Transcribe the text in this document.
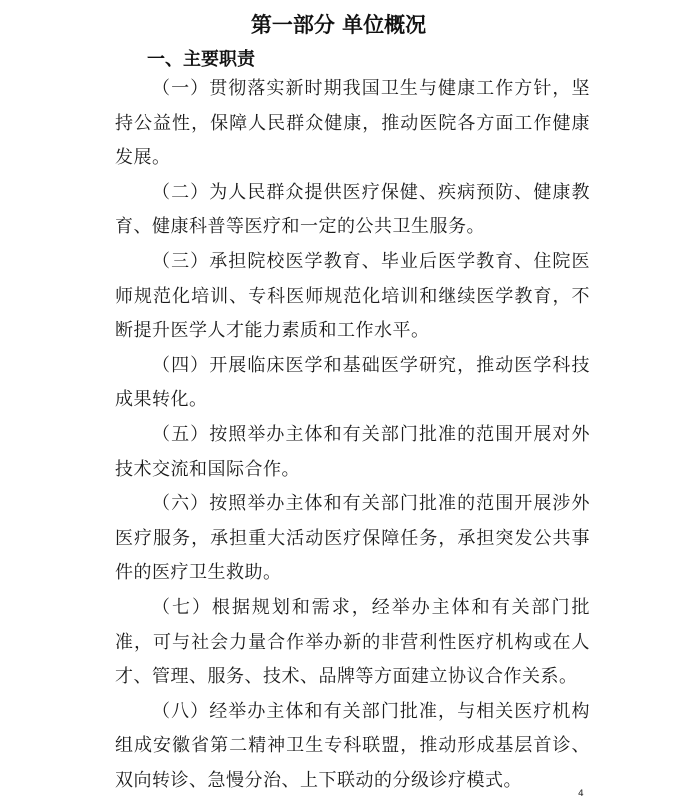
第一部分 单位概况
一、主要职责

（一）贯彻落实新时期我国卫生与健康工作方针，坚持公益性，保障人民群众健康，推动医院各方面工作健康发展。

（二）为人民群众提供医疗保健、疾病预防、健康教育、健康科普等医疗和一定的公共卫生服务。

（三）承担院校医学教育、毕业后医学教育、住院医师规范化培训、专科医师规范化培训和继续医学教育，不断提升医学人才能力素质和工作水平。

（四）开展临床医学和基础医学研究，推动医学科技成果转化。

（五）按照举办主体和有关部门批准的范围开展对外技术交流和国际合作。

（六）按照举办主体和有关部门批准的范围开展涉外医疗服务，承担重大活动医疗保障任务，承担突发公共事件的医疗卫生救助。

（七）根据规划和需求，经举办主体和有关部门批准，可与社会力量合作举办新的非营利性医疗机构或在人才、管理、服务、技术、品牌等方面建立协议合作关系。

（八）经举办主体和有关部门批准，与相关医疗机构组成安徽省第二精神卫生专科联盟，推动形成基层首诊、双向转诊、急慢分治、上下联动的分级诊疗模式。

4
